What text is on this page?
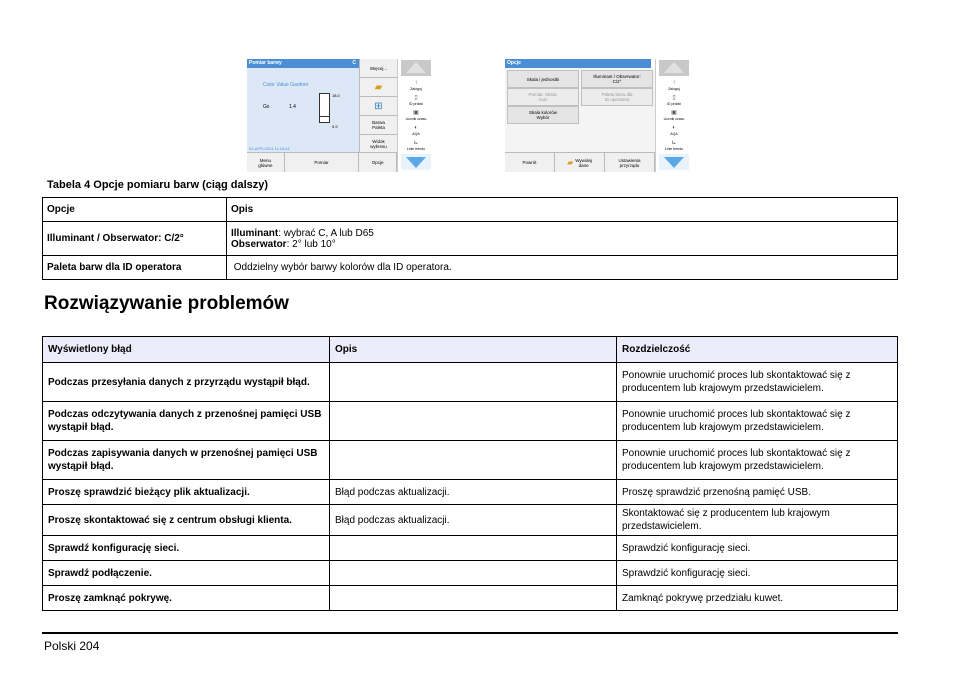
Pomiar barwy	C
Color Value Gardner
Gx	1.4
18.0
0.9
01-APR-2013 11:18:44
Więcej...
▰
⊞
Barwa
Paleta
Widok
wykresu
Menu
główne	Pomiar	Opcje
↑
Zaloguj
▯
ID próbki
▣
Licznik czasu
◐
AQA
⊾
Linie trendu
Opcje
Skala i jednostki	Illuminant / Obserwator:
C/2°
Pomiar. Skala:
Auto
Paleta barw dla
ID operatora
Skala kolorów
Wybór
Powrót	▰ Wywołaj
dane
Ustawienia
przyrządu
↑
Zaloguj
▯
ID próbki
▣
Licznik czasu
◐
AQA
⊾
Linie trendu
Tabela 4 Opcje pomiaru barw (ciąg dalszy)
Opcje	Opis
Illuminant / Obserwator: C/2°	Illuminant: wybrać C, A lub D65
Obserwator: 2° lub 10°

Paleta barw dla ID operatora	Oddzielny wybór barwy kolorów dla ID operatora.
Rozwiązywanie problemów
Wyświetlony błąd	Opis	Rozdzielczość
Podczas przesyłania danych z przyrządu wystąpił błąd.		Ponownie uruchomić proces lub skontaktować się z producentem lub krajowym przedstawicielem.
Podczas odczytywania danych z przenośnej pamięci USB wystąpił błąd.		Ponownie uruchomić proces lub skontaktować się z producentem lub krajowym przedstawicielem.
Podczas zapisywania danych w przenośnej pamięci USB wystąpił błąd.		Ponownie uruchomić proces lub skontaktować się z producentem lub krajowym przedstawicielem.
Proszę sprawdzić bieżący plik aktualizacji.	Błąd podczas aktualizacji.	Proszę sprawdzić przenośną pamięć USB.
Proszę skontaktować się z centrum obsługi klienta.	Błąd podczas aktualizacji.	Skontaktować się z producentem lub krajowym przedstawicielem.
Sprawdź konfigurację sieci.		Sprawdzić konfigurację sieci.
Sprawdź podłączenie.		Sprawdzić konfigurację sieci.
Proszę zamknąć pokrywę.		Zamknąć pokrywę przedziału kuwet.
Polski 204
